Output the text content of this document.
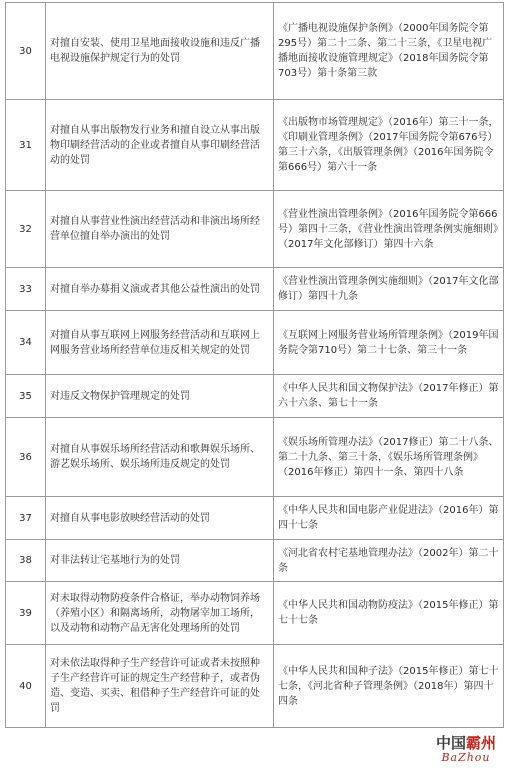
30	对擅自安装、使用卫星地面接收设施和违反广播电视设施保护规定行为的处罚	《广播电视设施保护条例》（2000年国务院令第295号）第二十二条、第二十三条，《卫星电视广播地面接收设施管理规定》（2018年国务院令第703号）第十条第三款
31	对擅自从事出版物发行业务和擅自设立从事出版物印刷经营活动的企业或者擅自从事印刷经营活动的处罚	《出版物市场管理规定》（2016年）第三十一条，《印刷业管理条例》（2017年国务院令第676号）第三十六条，《出版管理条例》（2016年国务院令第666号）第六十一条
32	对擅自从事营业性演出经营活动和非演出场所经营单位擅自举办演出的处罚	《营业性演出管理条例》（2016年国务院令第666号）第四十三条，《营业性演出管理条例实施细则》（2017年文化部修订）第四十六条
33	对擅自举办募捐义演或者其他公益性演出的处罚	《营业性演出管理条例实施细则》（2017年文化部修订）第四十九条
34	对擅自从事互联网上网服务经营活动和互联网上网服务营业场所经营单位违反相关规定的处罚	《互联网上网服务营业场所管理条例》（2019年国务院令第710号）第二十七条、第三十一条
35	对违反文物保护管理规定的处罚	《中华人民共和国文物保护法》（2017年修正）第六十六条、第七十一条
36	对擅自从事娱乐场所经营活动和歌舞娱乐场所、游艺娱乐场所、娱乐场所违反规定的处罚	《娱乐场所管理办法》（2017修正）第二十八条、第二十九条、第三十条，《娱乐场所管理条例》（2016年修正）第四十一条、第四十八条
37	对擅自从事电影放映经营活动的处罚	《中华人民共和国电影产业促进法》（2016年）第四十七条
38	对非法转让宅基地行为的处罚	《河北省农村宅基地管理办法》（2002年）第二十条
39	对未取得动物防疫条件合格证，举办动物饲养场（养殖小区）和隔离场所，动物屠宰加工场所，以及动物和动物产品无害化处理场所的处罚	《中华人民共和国动物防疫法》（2015年修正）第七十七条
40	对未依法取得种子生产经营许可证或者未按照种子生产经营许可证的规定生产经营种子，或者伪造、变造、买卖、租借种子生产经营许可证的处罚	《中华人民共和国种子法》（2015年修正）第七十七条，《河北省种子管理条例》（2018年）第四十四条
中国霸州
BaZhou
